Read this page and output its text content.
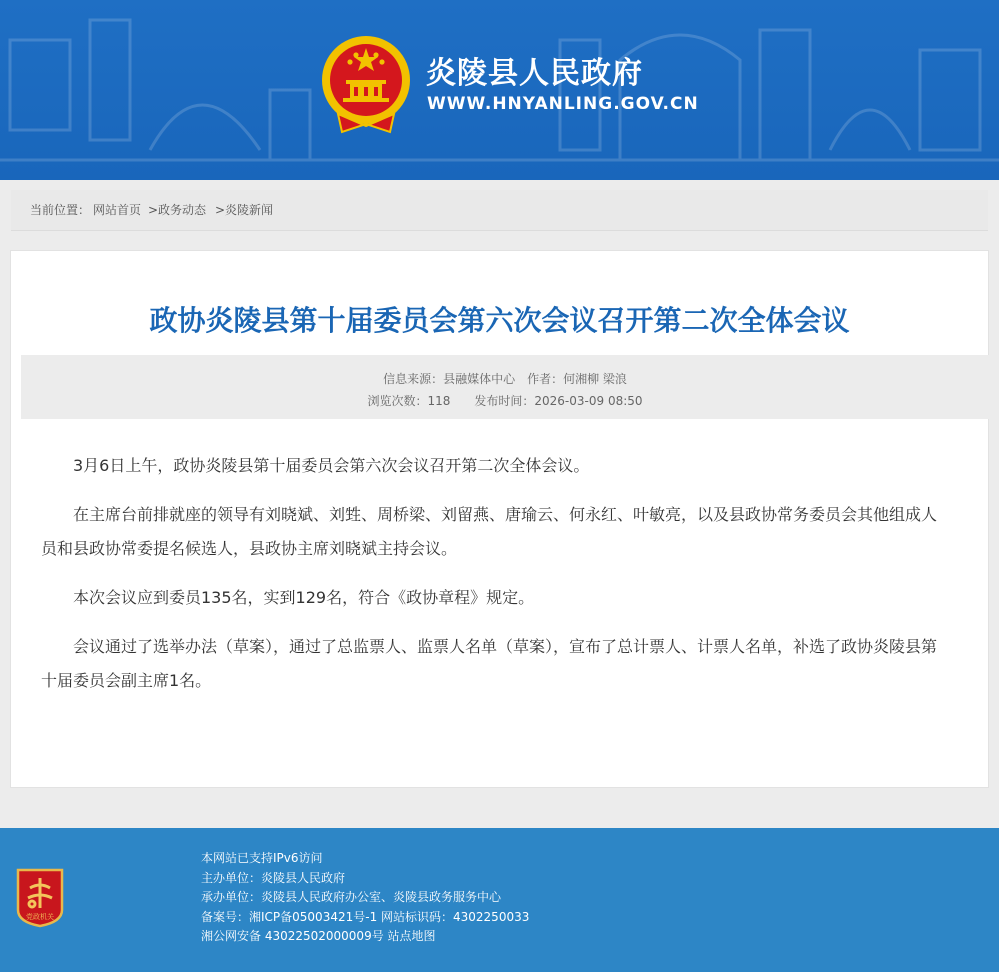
炎陵县人民政府
WWW.HNYANLING.GOV.CN
当前位置： 网站首页 >政务动态 >炎陵新闻
政协炎陵县第十届委员会第六次会议召开第二次全体会议
信息来源：县融媒体中心 作者：何湘柳 梁浪
浏览次数：118 发布时间：2026-03-09 08:50

3月6日上午，政协炎陵县第十届委员会第六次会议召开第二次全体会议。

在主席台前排就座的领导有刘晓斌、刘甡、周桥梁、刘留燕、唐瑜云、何永红、叶敏亮，以及县政协常务委员会其他组成人员和县政协常委提名候选人，县政协主席刘晓斌主持会议。

本次会议应到委员135名，实到129名，符合《政协章程》规定。

会议通过了选举办法（草案），通过了总监票人、监票人名单（草案），宣布了总计票人、计票人名单，补选了政协炎陵县第十届委员会副主席1名。

党政机关
本网站已支持IPv6访问
主办单位：炎陵县人民政府
承办单位：炎陵县人民政府办公室、炎陵县政务服务中心
备案号：湘ICP备05003421号-1 网站标识码：4302250033
湘公网安备 43022502000009号 站点地图
